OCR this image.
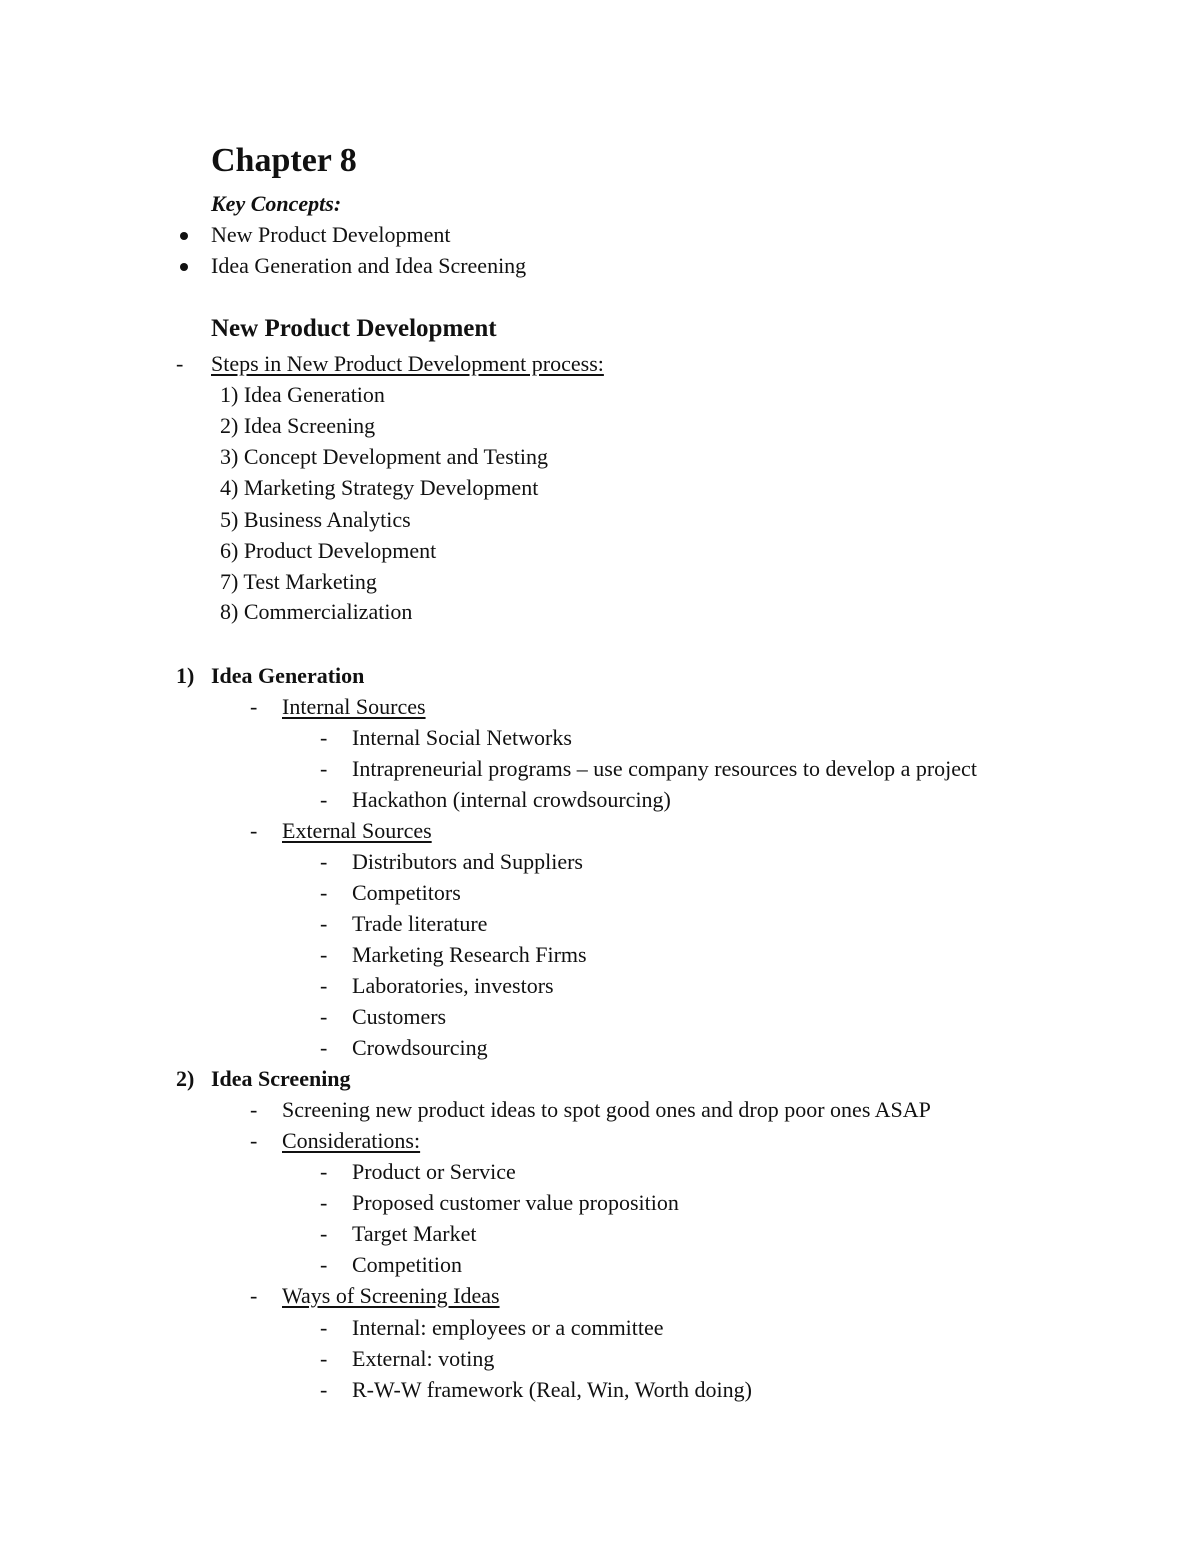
Chapter 8
Key Concepts:
New Product Development
Idea Generation and Idea Screening
New Product Development
- Steps in New Product Development process:
1) Idea Generation
2) Idea Screening
3) Concept Development and Testing
4) Marketing Strategy Development
5) Business Analytics
6) Product Development
7) Test Marketing
8) Commercialization
1) Idea Generation
- Internal Sources
- Internal Social Networks
- Intrapreneurial programs – use company resources to develop a project
- Hackathon (internal crowdsourcing)
- External Sources
- Distributors and Suppliers
- Competitors
- Trade literature
- Marketing Research Firms
- Laboratories, investors
- Customers
- Crowdsourcing
2) Idea Screening
- Screening new product ideas to spot good ones and drop poor ones ASAP
- Considerations:
- Product or Service
- Proposed customer value proposition
- Target Market
- Competition
- Ways of Screening Ideas
- Internal: employees or a committee
- External: voting
- R-W-W framework (Real, Win, Worth doing)
